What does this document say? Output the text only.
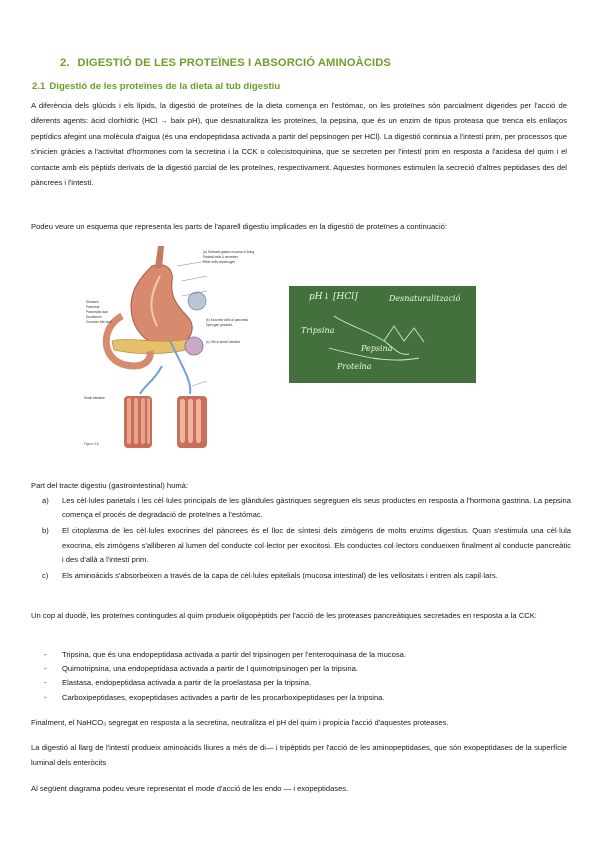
2. DIGESTIÓ DE LES PROTEÏNES I ABSORCIÓ AMINOÀCIDS
2.1 Digestió de les proteïnes de la dieta al tub digestiu

A diferència dels glúcids i els lípids, la digestió de proteïnes de la dieta comença en l'estómac, on les proteïnes són parcialment digerides per l'acció de diferents agents: àcid clorhídric (HCl → baix pH), que desnaturalitza les proteïnes, la pepsina, que és un enzim de tipus proteasa que trenca els enllaços peptídics afegint una molècula d'aigua (és una endopeptidasa activada a partir del pepsinogen per HCl). La digestió continua a l'intestí prim, per processos que s'inicien gràcies a l'activitat d'hormones com la secretina i la CCK o colecistoquinina, que se secreten per l'intestí prim en resposta a l'acidesa del quim i el contacte amb els pèptids derivats de la digestió parcial de les proteïnes, respectivament. Aquestes hormones estimulen la secreció d'altres peptidases des del pàncrees i l'intestí.

Podeu veure un esquema que representa les parts de l'aparell digestiu implicades en la digestió de proteïnes a continuació:

(a) Stomach gastric mucosa & lining
Parietal cells & secretion
Chief cells pepsinogen
Stomach
Pancreas
Pancreatic duct
Duodenum
Common bile duct	(b) Exocrine cells of pancreas
Zymogen granules
(c) Villi of small intestine
Small intestine
Figure 9-8
pH↓ [HCl]	Desnaturalització
Tripsina
Pepsina
Proteïna

Part del tracte digestiu (gastrointestinal) humà:

a) Les cèl·lules parietals i les cèl·lules principals de les glàndules gàstriques segreguen els seus productes en resposta a l'hormona gastrina. La pepsina comença el procés de degradació de proteïnes a l'estómac.
b) El citoplasma de les cèl·lules exocrines del pàncrees és el lloc de síntesi dels zimògens de molts enzims digestius. Quan s'estimula una cèl·lula exocrina, els zimògens s'alliberen al lumen del conducte col·lector per exocitosi. Els conductes col·lectors condueixen finalment al conducte pancreàtic i des d'allà a l'intestí prim.
c) Els aminoàcids s'absorbeixen a través de la capa de cèl·lules epitelials (mucosa intestinal) de les vellositats i entren als capil·lars.

Un cop al duodè, les proteïnes contingudes al quim produeix oligopèptids per l'acció de les proteases pancreàtiques secretades en resposta a la CCK:

- Tripsina, que és una endopeptidasa activada a partir del tripsinogen per l'enteroquinasa de la mucosa.
- Quimotripsina, una endopeptidasa activada a partir de l quimotripsinogen per la tripsina.
- Elastasa, endopeptidasa activada a partir de la proelastasa per la tripsina.
- Carboxipeptidases, exopeptidases activades a partir de les procarboxipeptidases per la tripsina.

Finalment, el NaHCO₃ segregat en resposta a la secretina, neutralitza el pH del quim i propicia l'acció d'aquestes proteases.

La digestió al llarg de l'intestí produeix aminoàcids lliures a més de di— i tripèptids per l'acció de les aminopeptidases, que són exopeptidases de la superfície luminal dels enteròcits

Al següent diagrama podeu veure representat el mode d'acció de les endo — i exopeptidases.
